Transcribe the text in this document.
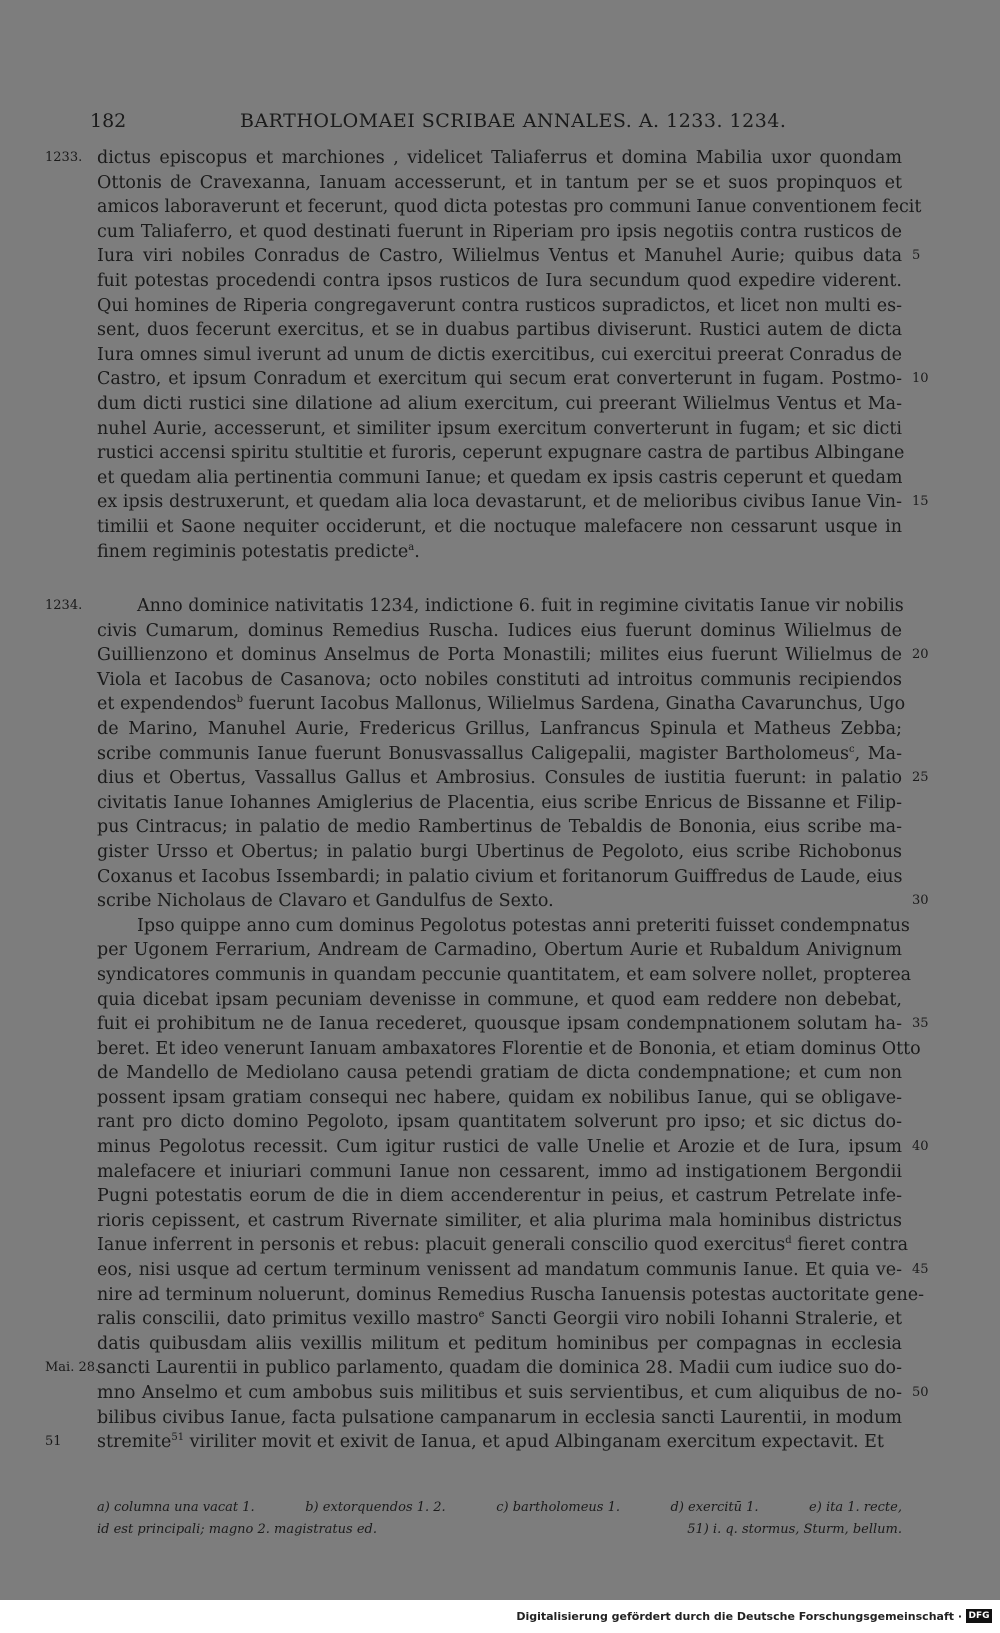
182	BARTHOLOMAEI SCRIBAE ANNALES. A. 1233. 1234.
1233. dictus episcopus et marchiones , videlicet Taliaferrus et domina Mabilia uxor quondam
Ottonis de Cravexanna, Ianuam accesserunt, et in tantum per se et suos propinquos et
amicos laboraverunt et fecerunt, quod dicta potestas pro communi Ianue conventionem fecit
cum Taliaferro, et quod destinati fuerunt in Riperiam pro ipsis negotiis contra rusticos de
Iura viri nobiles Conradus de Castro, Wilielmus Ventus et Manuhel Aurie; quibus data 5
fuit potestas procedendi contra ipsos rusticos de Iura secundum quod expedire viderent.
Qui homines de Riperia congregaverunt contra rusticos supradictos, et licet non multi es-
sent, duos fecerunt exercitus, et se in duabus partibus diviserunt. Rustici autem de dicta
Iura omnes simul iverunt ad unum de dictis exercitibus, cui exercitui preerat Conradus de
Castro, et ipsum Conradum et exercitum qui secum erat converterunt in fugam. Postmo- 10
dum dicti rustici sine dilatione ad alium exercitum, cui preerant Wilielmus Ventus et Ma-
nuhel Aurie, accesserunt, et similiter ipsum exercitum converterunt in fugam; et sic dicti
rustici accensi spiritu stultitie et furoris, ceperunt expugnare castra de partibus Albingane
et quedam alia pertinentia communi Ianue; et quedam ex ipsis castris ceperunt et quedam
ex ipsis destruxerunt, et quedam alia loca devastarunt, et de melioribus civibus Ianue Vin- 15
timilii et Saone nequiter occiderunt, et die noctuque malefacere non cessarunt usque in
finem regiminis potestatis predicte$^a$.
1234.	Anno dominice nativitatis 1234, indictione 6. fuit in regimine civitatis Ianue vir nobilis
civis Cumarum, dominus Remedius Ruscha. Iudices eius fuerunt dominus Wilielmus de
Guillienzono et dominus Anselmus de Porta Monastili; milites eius fuerunt Wilielmus de 20
Viola et Iacobus de Casanova; octo nobiles constituti ad introitus communis recipiendos
et expendendos$^b$ fuerunt Iacobus Mallonus, Wilielmus Sardena, Ginatha Cavarunchus, Ugo
de Marino, Manuhel Aurie, Fredericus Grillus, Lanfrancus Spinula et Matheus Zebba;
scribe communis Ianue fuerunt Bonusvassallus Caligepalii, magister Bartholomeus$^c$, Ma-
dius et Obertus, Vassallus Gallus et Ambrosius. Consules de iustitia fuerunt: in palatio 25
civitatis Ianue Iohannes Amiglerius de Placentia, eius scribe Enricus de Bissanne et Filip-
pus Cintracus; in palatio de medio Rambertinus de Tebaldis de Bononia, eius scribe ma-
gister Ursso et Obertus; in palatio burgi Ubertinus de Pegoloto, eius scribe Richobonus
Coxanus et Iacobus Issembardi; in palatio civium et foritanorum Guiffredus de Laude, eius
scribe Nicholaus de Clavaro et Gandulfus de Sexto.	30
Ipso quippe anno cum dominus Pegolotus potestas anni preteriti fuisset condempnatus
per Ugonem Ferrarium, Andream de Carmadino, Obertum Aurie et Rubaldum Anivignum
syndicatores communis in quandam peccunie quantitatem, et eam solvere nollet, propterea
quia dicebat ipsam pecuniam devenisse in commune, et quod eam reddere non debebat,
fuit ei prohibitum ne de Ianua recederet, quousque ipsam condempnationem solutam ha- 35
beret. Et ideo venerunt Ianuam ambaxatores Florentie et de Bononia, et etiam dominus Otto
de Mandello de Mediolano causa petendi gratiam de dicta condempnatione; et cum non
possent ipsam gratiam consequi nec habere, quidam ex nobilibus Ianue, qui se obligave-
rant pro dicto domino Pegoloto, ipsam quantitatem solverunt pro ipso; et sic dictus do-
minus Pegolotus recessit. Cum igitur rustici de valle Unelie et Arozie et de Iura, ipsum 40
malefacere et iniuriari communi Ianue non cessarent, immo ad instigationem Bergondii
Pugni potestatis eorum de die in diem accenderentur in peius, et castrum Petrelate infe-
rioris cepissent, et castrum Rivernate similiter, et alia plurima mala hominibus districtus
Ianue inferrent in personis et rebus: placuit generali conscilio quod exercitus$^d$ fieret contra
eos, nisi usque ad certum terminum venissent ad mandatum communis Ianue. Et quia ve- 45
nire ad terminum noluerunt, dominus Remedius Ruscha Ianuensis potestas auctoritate gene-
ralis conscilii, dato primitus vexillo mastro$^e$ Sancti Georgii viro nobili Iohanni Stralerie, et
datis quibusdam aliis vexillis militum et peditum hominibus per compagnas in ecclesia
Mai. 28.
sancti Laurentii in publico parlamento, quadam die dominica 28. Madii cum iudice suo do-
mno Anselmo et cum ambobus suis militibus et suis servientibus, et cum aliquibus de no- 50
bilibus civibus Ianue, facta pulsatione campanarum in ecclesia sancti Laurentii, in modum
51 stremite$^{51}$ viriliter movit et exivit de Ianua, et apud Albinganam exercitum expectavit. Et
a) columna una vacat 1.	b) extorquendos 1. 2.	c) bartholomeus 1.	d) exercitū 1.	e) ita 1. recte,
id est principali; magno 2. magistratus ed.	51) i. q. stormus, Sturm, bellum.
Digitalisierung gefördert durch die Deutsche Forschungsgemeinschaft · DFG
